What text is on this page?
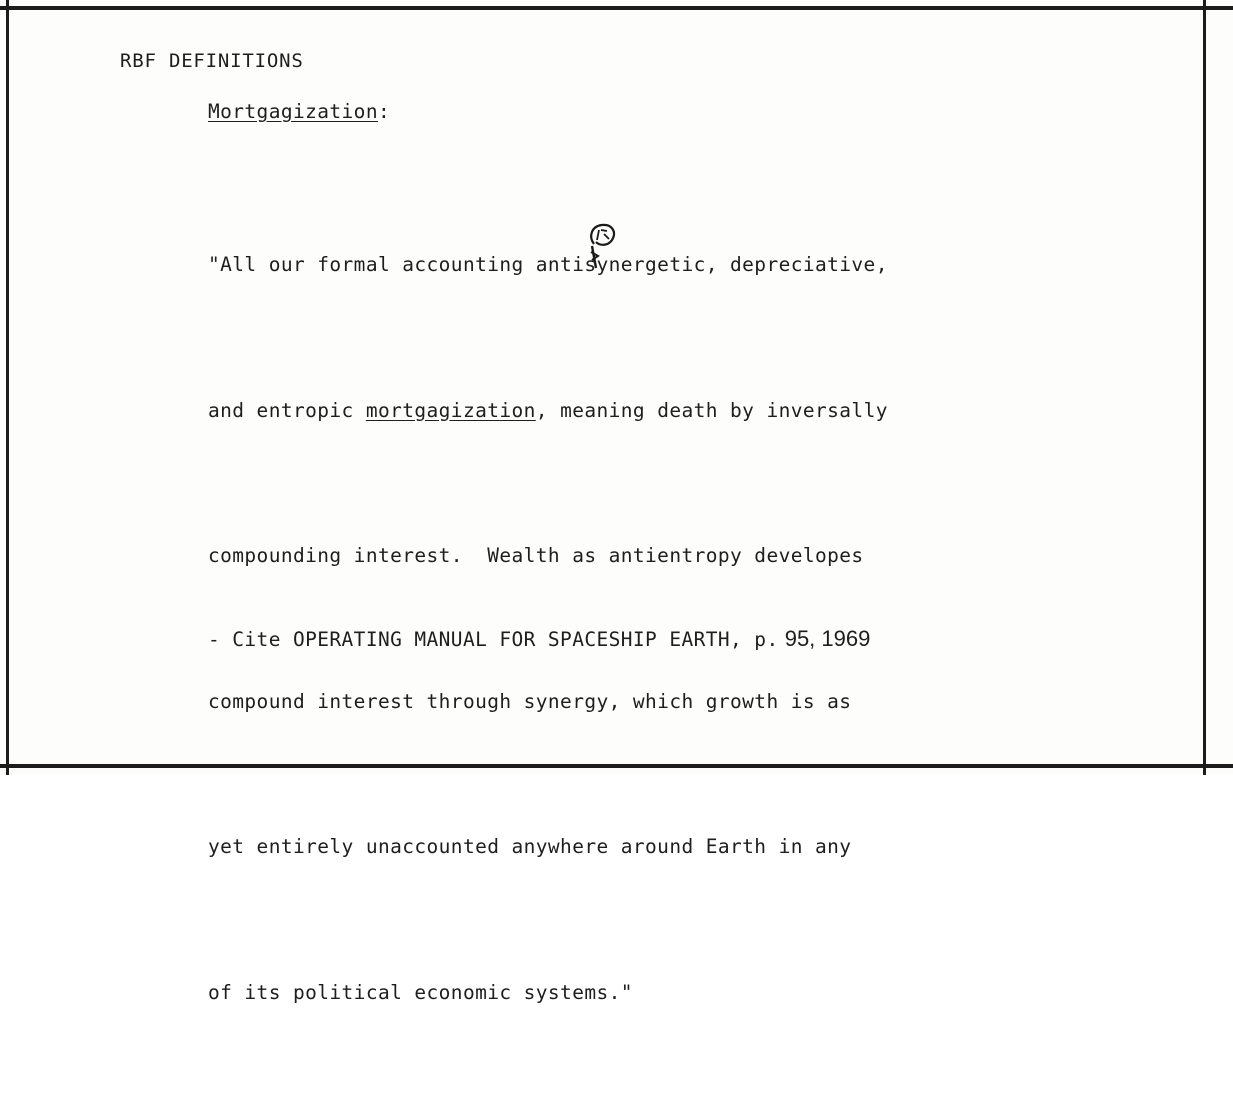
RBF DEFINITIONS
Mortgagization:

"All our formal accounting antisynergetic, depreciative,

and entropic mortgagization, meaning death by inversally

compounding interest.  Wealth as antientropy developes

compound interest through synergy, which growth is as

yet entirely unaccounted anywhere around Earth in any

of its political economic systems."

- Cite OPERATING MANUAL FOR SPACESHIP EARTH, p. 95, 1969
